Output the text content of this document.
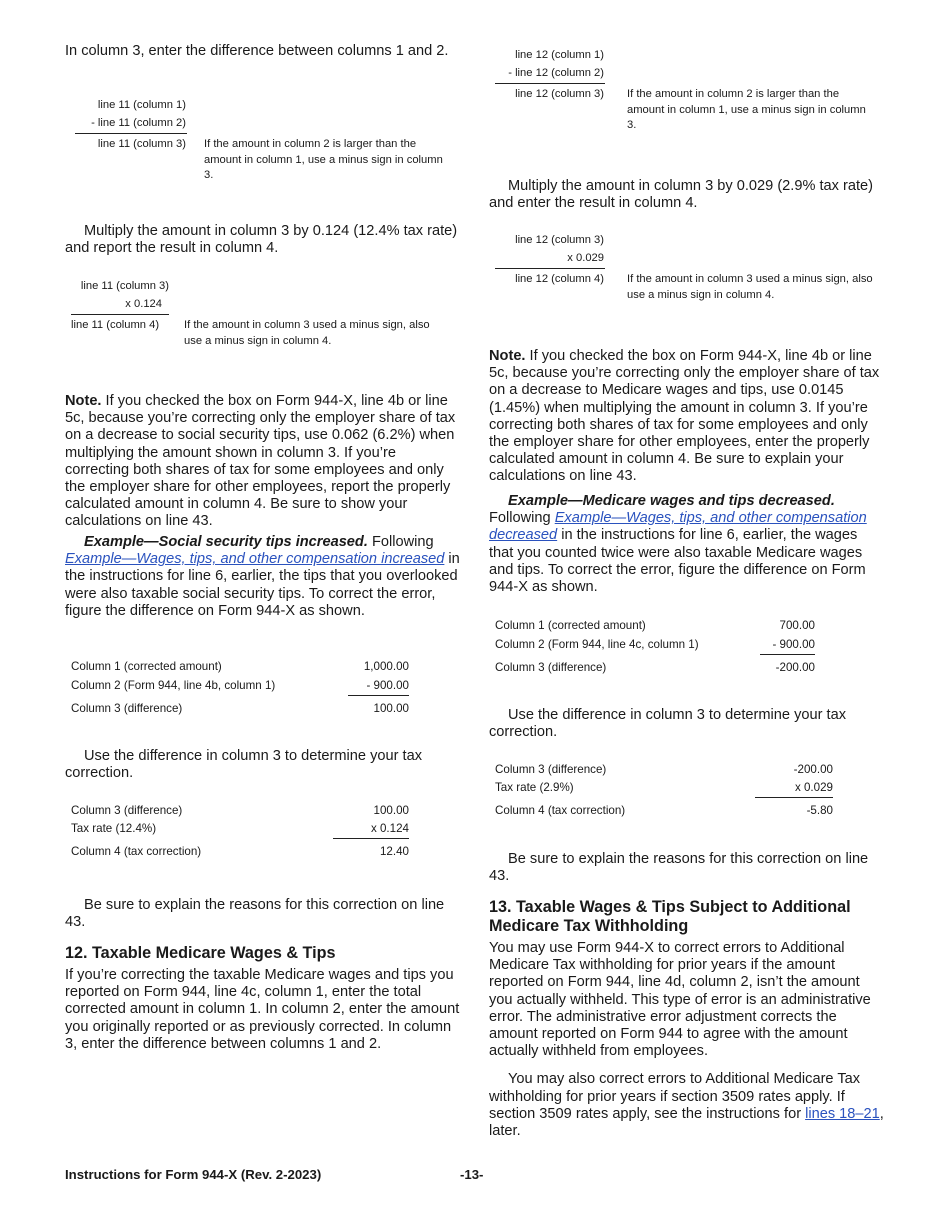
In column 3, enter the difference between columns 1 and 2.

line 11 (column 1)
- line 11 (column 2)
line 11 (column 3) If the amount in column 2 is larger than the amount in column 1, use a minus sign in column 3.

Multiply the amount in column 3 by 0.124 (12.4% tax rate) and report the result in column 4.

line 11 (column 3)
x 0.124
line 11 (column 4)	If the amount in column 3 used a minus sign, also use a minus sign in column 4.

Note. If you checked the box on Form 944-X, line 4b or line 5c, because you’re correcting only the employer share of tax on a decrease to social security tips, use 0.062 (6.2%) when multiplying the amount shown in column 3. If you’re correcting both shares of tax for some employees and only the employer share for other employees, report the properly calculated amount in column 4. Be sure to show your calculations on line 43.

Example—Social security tips increased. Following Example—Wages, tips, and other compensation increased in the instructions for line 6, earlier, the tips that you overlooked were also taxable social security tips. To correct the error, figure the difference on Form 944-X as shown.

Column 1 (corrected amount)	1,000.00
Column 2 (Form 944, line 4b, column 1)	- 900.00
Column 3 (difference)	100.00

Use the difference in column 3 to determine your tax correction.

Column 3 (difference)	100.00
Tax rate (12.4%)	x 0.124
Column 4 (tax correction)	12.40

Be sure to explain the reasons for this correction on line 43.

12. Taxable Medicare Wages & Tips

If you’re correcting the taxable Medicare wages and tips you reported on Form 944, line 4c, column 1, enter the total corrected amount in column 1. In column 2, enter the amount you originally reported or as previously corrected. In column 3, enter the difference between columns 1 and 2.

line 12 (column 1)
- line 12 (column 2)
line 12 (column 3) If the amount in column 2 is larger than the amount in column 1, use a minus sign in column 3.

Multiply the amount in column 3 by 0.029 (2.9% tax rate) and enter the result in column 4.

line 12 (column 3)
x 0.029
line 12 (column 4) If the amount in column 3 used a minus sign, also use a minus sign in column 4.

Note. If you checked the box on Form 944-X, line 4b or line 5c, because you’re correcting only the employer share of tax on a decrease to Medicare wages and tips, use 0.0145 (1.45%) when multiplying the amount in column 3. If you’re correcting both shares of tax for some employees and only the employer share for other employees, enter the properly calculated amount in column 4. Be sure to explain your calculations on line 43.

Example—Medicare wages and tips decreased.
Following Example—Wages, tips, and other compensation decreased in the instructions for line 6, earlier, the wages that you counted twice were also taxable Medicare wages and tips. To correct the error, figure the difference on Form 944-X as shown.

Column 1 (corrected amount)	700.00
Column 2 (Form 944, line 4c, column 1)	- 900.00
Column 3 (difference)	-200.00

Use the difference in column 3 to determine your tax correction.

Column 3 (difference)	-200.00
Tax rate (2.9%)	x 0.029
Column 4 (tax correction)	-5.80

Be sure to explain the reasons for this correction on line 43.

13. Taxable Wages & Tips Subject to Additional Medicare Tax Withholding

You may use Form 944-X to correct errors to Additional Medicare Tax withholding for prior years if the amount reported on Form 944, line 4d, column 2, isn’t the amount you actually withheld. This type of error is an administrative error. The administrative error adjustment corrects the amount reported on Form 944 to agree with the amount actually withheld from employees.

You may also correct errors to Additional Medicare Tax withholding for prior years if section 3509 rates apply. If section 3509 rates apply, see the instructions for lines 18–21, later.

Instructions for Form 944-X (Rev. 2-2023)	-13-
